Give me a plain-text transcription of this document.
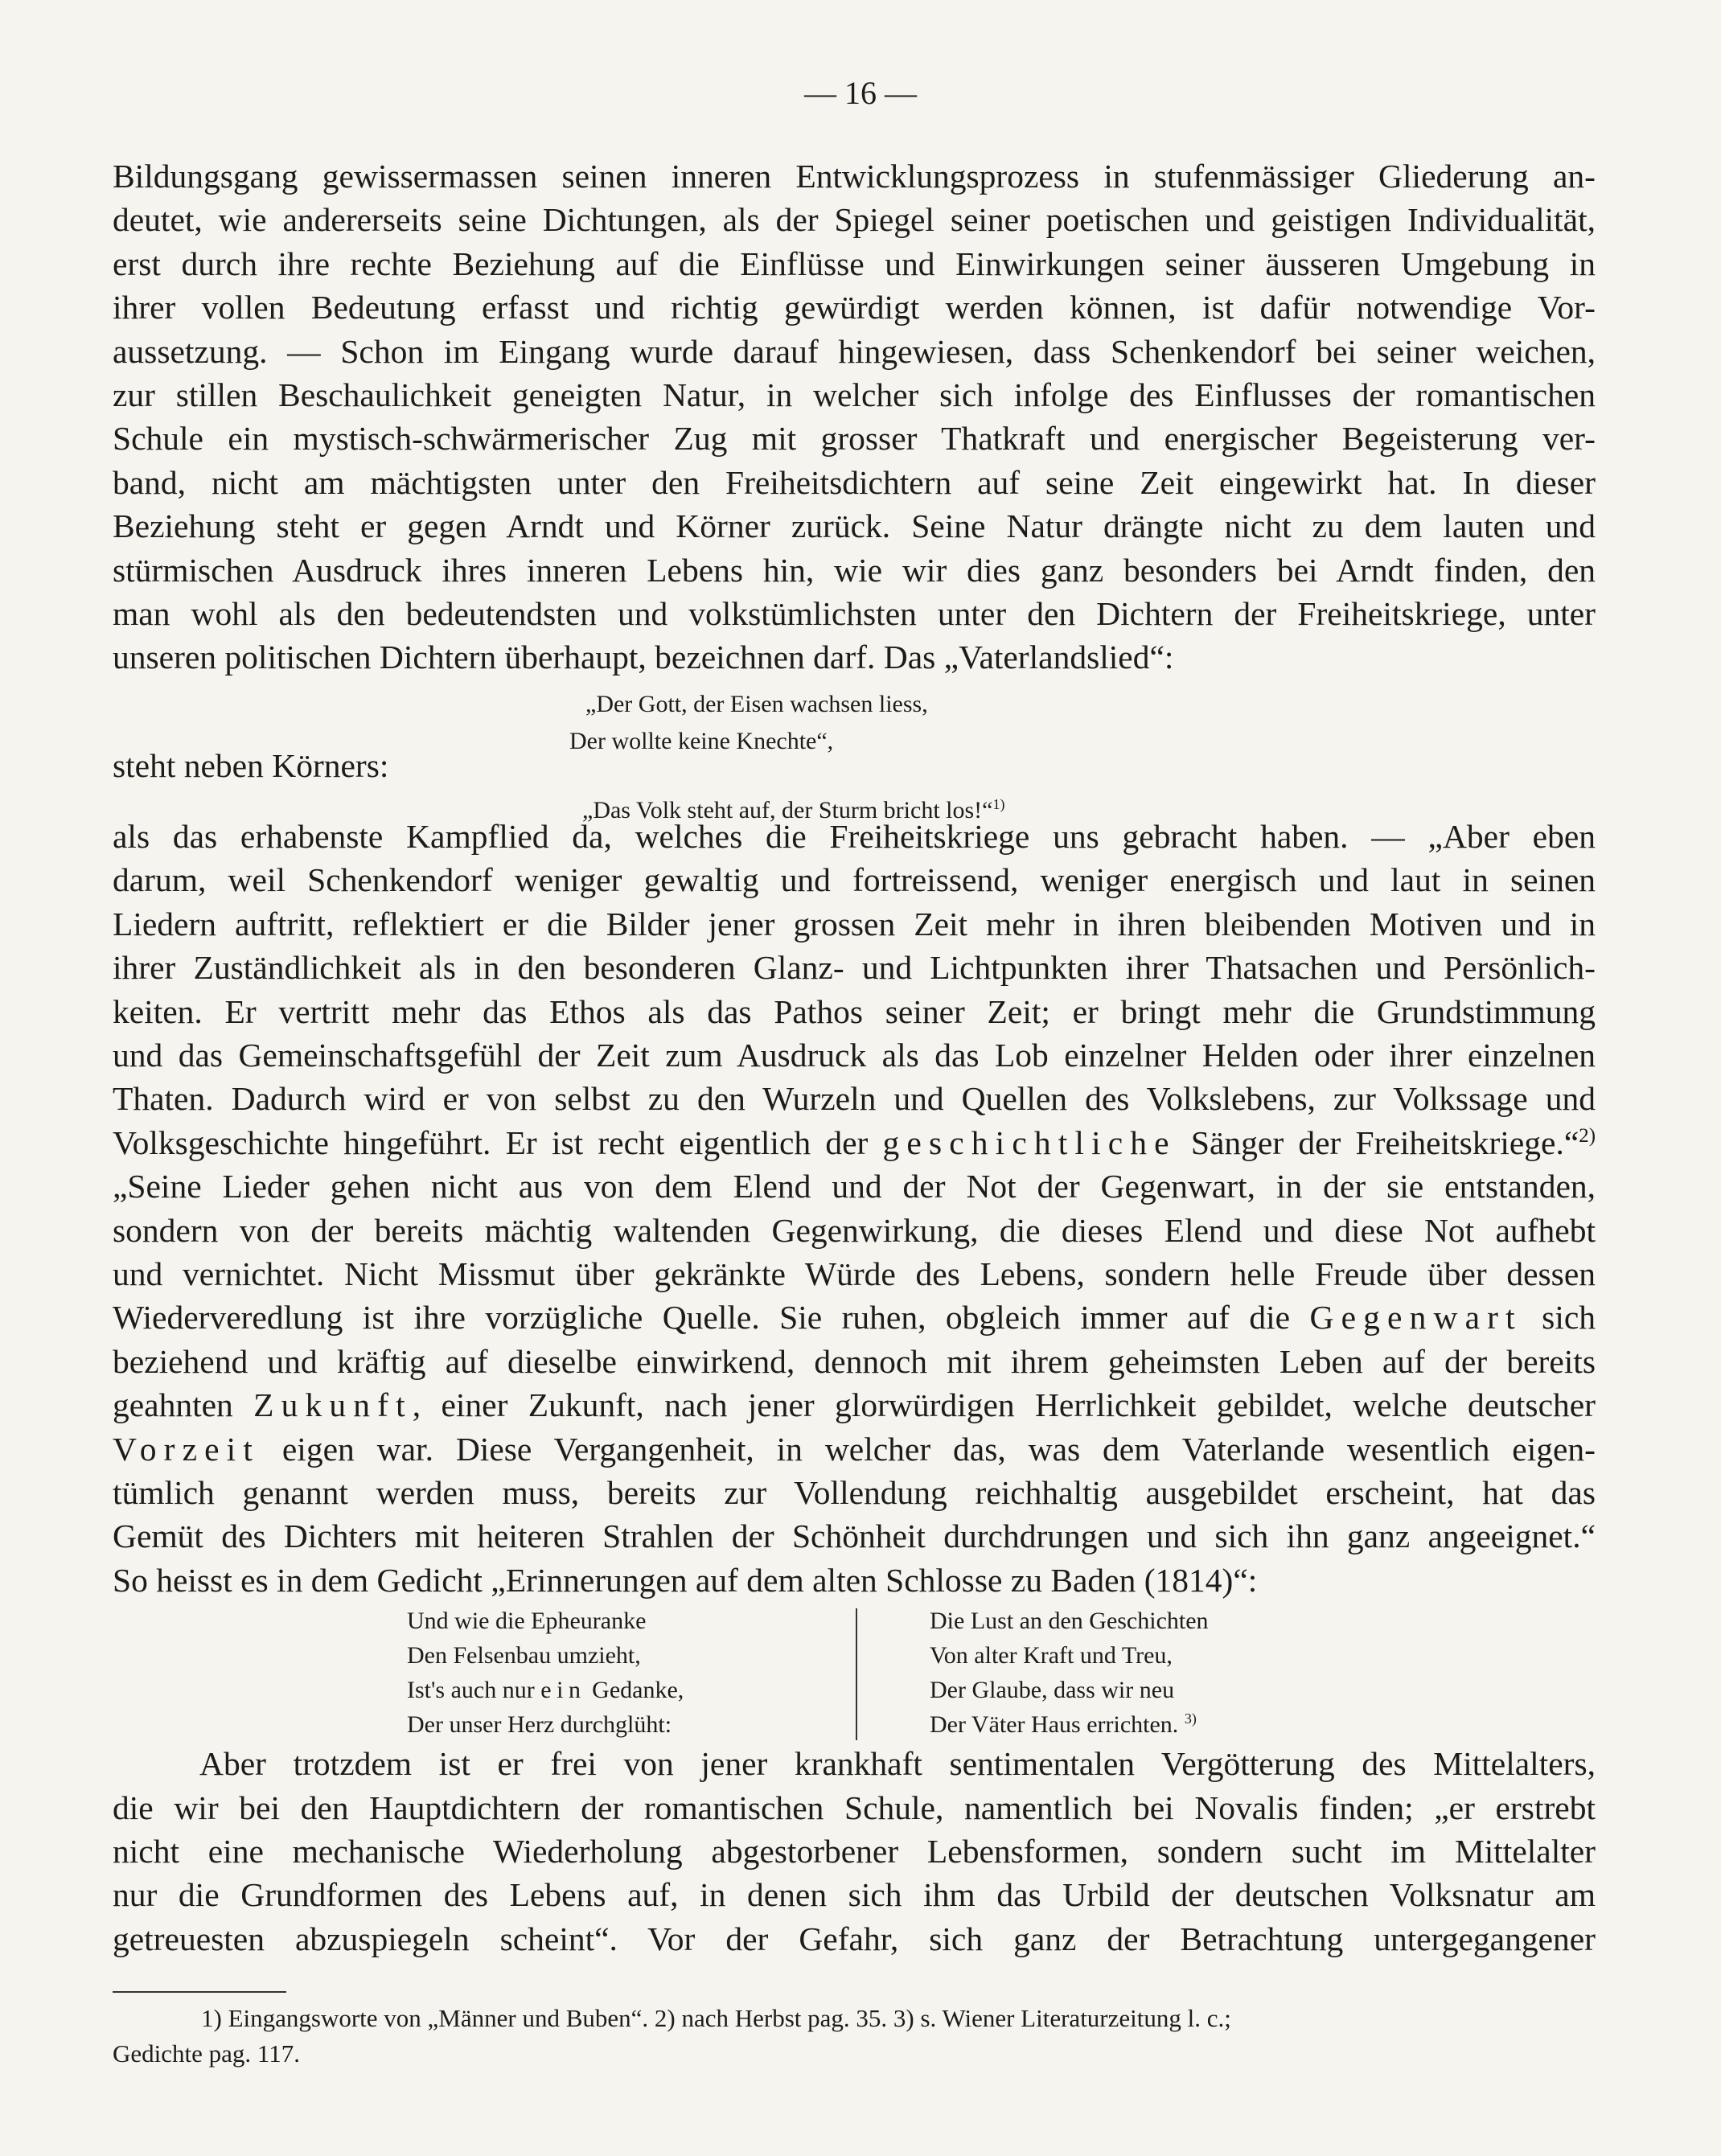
— 16 —
Bildungsgang gewissermassen seinen inneren Entwicklungsprozess in stufenmässiger Gliederung an-
deutet, wie andererseits seine Dichtungen, als der Spiegel seiner poetischen und geistigen Individualität,
erst durch ihre rechte Beziehung auf die Einflüsse und Einwirkungen seiner äusseren Umgebung in
ihrer vollen Bedeutung erfasst und richtig gewürdigt werden können, ist dafür notwendige Vor-
aussetzung. — Schon im Eingang wurde darauf hingewiesen, dass Schenkendorf bei seiner weichen,
zur stillen Beschaulichkeit geneigten Natur, in welcher sich infolge des Einflusses der romantischen
Schule ein mystisch-schwärmerischer Zug mit grosser Thatkraft und energischer Begeisterung ver-
band, nicht am mächtigsten unter den Freiheitsdichtern auf seine Zeit eingewirkt hat. In dieser
Beziehung steht er gegen Arndt und Körner zurück. Seine Natur drängte nicht zu dem lauten und
stürmischen Ausdruck ihres inneren Lebens hin, wie wir dies ganz besonders bei Arndt finden, den
man wohl als den bedeutendsten und volkstümlichsten unter den Dichtern der Freiheitskriege, unter
unseren politischen Dichtern überhaupt, bezeichnen darf. Das „Vaterlandslied“:
„Der Gott, der Eisen wachsen liess,
Der wollte keine Knechte“,
steht neben Körners:
„Das Volk steht auf, der Sturm bricht los!“$^{1)}$
als das erhabenste Kampflied da, welches die Freiheitskriege uns gebracht haben. — „Aber eben
darum, weil Schenkendorf weniger gewaltig und fortreissend, weniger energisch und laut in seinen
Liedern auftritt, reflektiert er die Bilder jener grossen Zeit mehr in ihren bleibenden Motiven und in
ihrer Zuständlichkeit als in den besonderen Glanz- und Lichtpunkten ihrer Thatsachen und Persönlich-
keiten. Er vertritt mehr das Ethos als das Pathos seiner Zeit; er bringt mehr die Grundstimmung
und das Gemeinschaftsgefühl der Zeit zum Ausdruck als das Lob einzelner Helden oder ihrer einzelnen
Thaten. Dadurch wird er von selbst zu den Wurzeln und Quellen des Volkslebens, zur Volkssage und
Volksgeschichte hingeführt. Er ist recht eigentlich der geschichtliche Sänger der Freiheitskriege.“$^{2)}$
„Seine Lieder gehen nicht aus von dem Elend und der Not der Gegenwart, in der sie entstanden,
sondern von der bereits mächtig waltenden Gegenwirkung, die dieses Elend und diese Not aufhebt
und vernichtet. Nicht Missmut über gekränkte Würde des Lebens, sondern helle Freude über dessen
Wiederveredlung ist ihre vorzügliche Quelle. Sie ruhen, obgleich immer auf die Gegenwart sich
beziehend und kräftig auf dieselbe einwirkend, dennoch mit ihrem geheimsten Leben auf der bereits
geahnten Zukunft, einer Zukunft, nach jener glorwürdigen Herrlichkeit gebildet, welche deutscher
Vorzeit eigen war. Diese Vergangenheit, in welcher das, was dem Vaterlande wesentlich eigen-
tümlich genannt werden muss, bereits zur Vollendung reichhaltig ausgebildet erscheint, hat das
Gemüt des Dichters mit heiteren Strahlen der Schönheit durchdrungen und sich ihn ganz angeeignet.“
So heisst es in dem Gedicht „Erinnerungen auf dem alten Schlosse zu Baden (1814)“:
Und wie die Epheuranke
Den Felsenbau umzieht,
Ist's auch nur ein Gedanke,
Der unser Herz durchglüht:
Die Lust an den Geschichten
Von alter Kraft und Treu,
Der Glaube, dass wir neu
Der Väter Haus errichten. $^{3)}$
Aber trotzdem ist er frei von jener krankhaft sentimentalen Vergötterung des Mittelalters,
die wir bei den Hauptdichtern der romantischen Schule, namentlich bei Novalis finden; „er erstrebt
nicht eine mechanische Wiederholung abgestorbener Lebensformen, sondern sucht im Mittelalter
nur die Grundformen des Lebens auf, in denen sich ihm das Urbild der deutschen Volksnatur am
getreuesten abzuspiegeln scheint“. Vor der Gefahr, sich ganz der Betrachtung untergegangener
1) Eingangsworte von „Männer und Buben“. 2) nach Herbst pag. 35. 3) s. Wiener Literaturzeitung l. c.;
Gedichte pag. 117.
